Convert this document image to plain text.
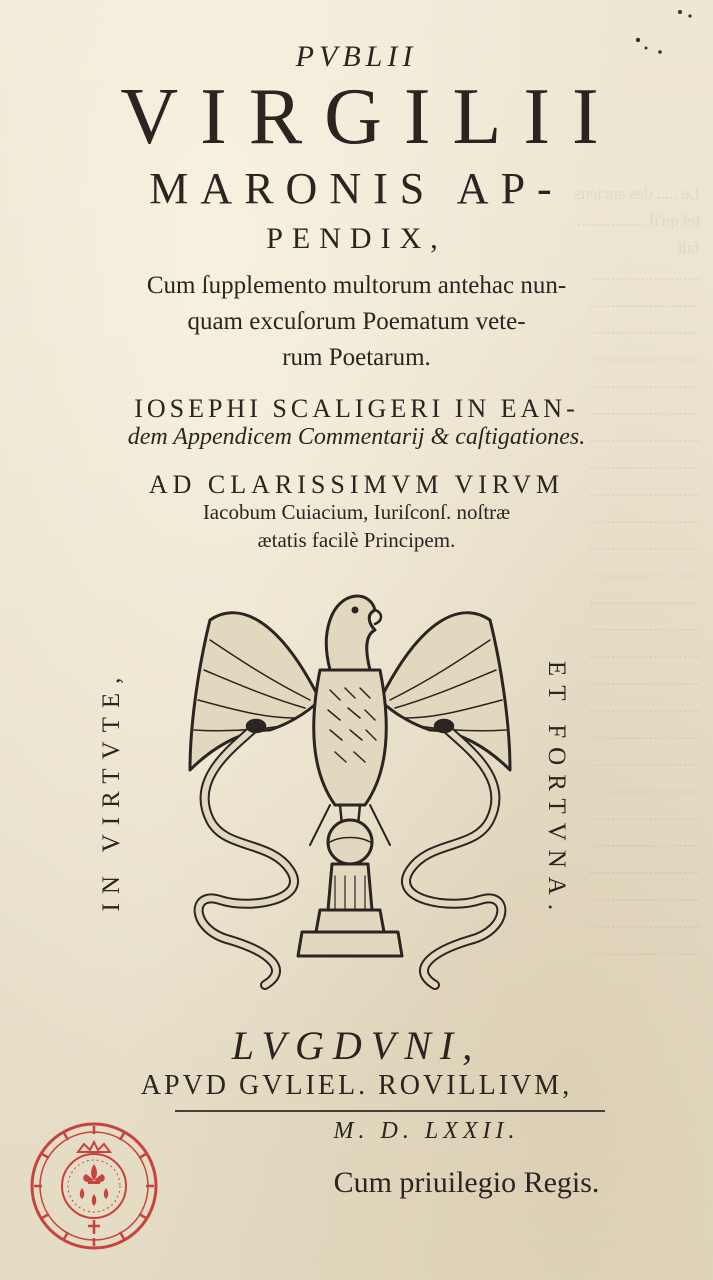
Le ..... des anciens
tel qu'il ................
fait
.........................
..........................
..........................
..........................
..........................
..........................
..........................
..........................
..........................
..........................
..........................
..........................
..........................
..........................
..........................
..........................
..........................
..........................
..........................
..........................
..........................
..........................
..........................
..........................
..........................
..........................
PVBLII
VIRGILII
MARONIS AP-
PENDIX,
Cum ſupplemento multorum antehac nun-
quam excuſorum Poematum vete-
rum Poetarum.
IOSEPHI SCALIGERI IN EAN-
dem Appendicem Commentarij & caſtigationes.
AD CLARISSIMVM VIRVM
Iacobum Cuiacium, Iuriſconſ. noſtræ
ætatis facilè Principem.
IN VIRTVTE,	ET FORTVNA.
LVGDVNI,
APVD GVLIEL. ROVILLIVM,
M. D. LXXII.
Cum priuilegio Regis.
